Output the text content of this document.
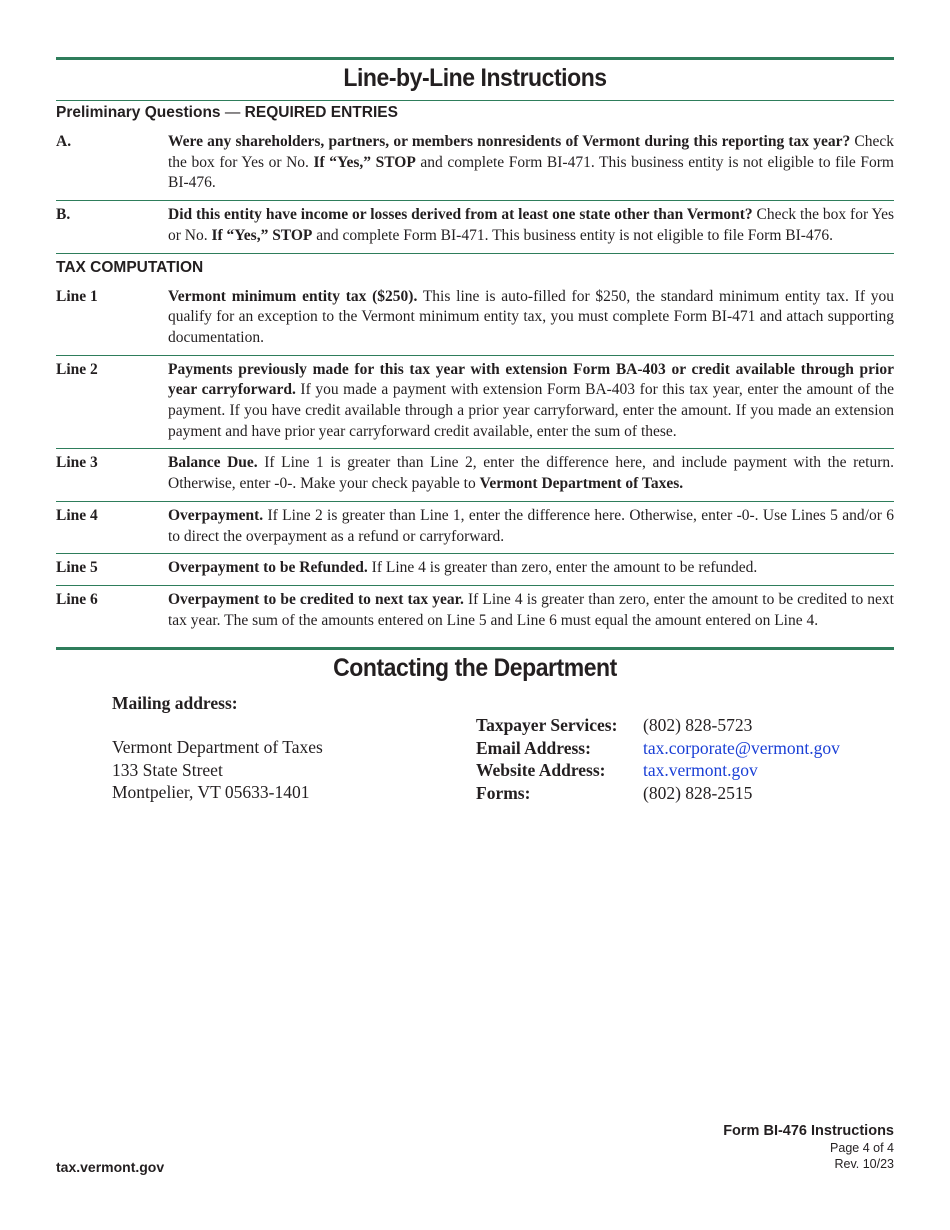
Line-by-Line Instructions
Preliminary Questions — REQUIRED ENTRIES
A.	Were any shareholders, partners, or members nonresidents of Vermont during this reporting tax year? Check the box for Yes or No. If “Yes,” STOP and complete Form BI-471. This business entity is not eligible to file Form BI-476.
B.	Did this entity have income or losses derived from at least one state other than Vermont? Check the box for Yes or No. If “Yes,” STOP and complete Form BI-471. This business entity is not eligible to file Form BI-476.
TAX COMPUTATION
Line 1	Vermont minimum entity tax ($250). This line is auto-filled for $250, the standard minimum entity tax. If you qualify for an exception to the Vermont minimum entity tax, you must complete Form BI-471 and attach supporting documentation.
Line 2	Payments previously made for this tax year with extension Form BA-403 or credit available through prior year carryforward. If you made a payment with extension Form BA-403 for this tax year, enter the amount of the payment. If you have credit available through a prior year carryforward, enter the amount. If you made an extension payment and have prior year carryforward credit available, enter the sum of these.
Line 3	Balance Due. If Line 1 is greater than Line 2, enter the difference here, and include payment with the return. Otherwise, enter -0-. Make your check payable to Vermont Department of Taxes.
Line 4	Overpayment. If Line 2 is greater than Line 1, enter the difference here. Otherwise, enter -0-. Use Lines 5 and/or 6 to direct the overpayment as a refund or carryforward.
Line 5	Overpayment to be Refunded. If Line 4 is greater than zero, enter the amount to be refunded.
Line 6	Overpayment to be credited to next tax year. If Line 4 is greater than zero, enter the amount to be credited to next tax year. The sum of the amounts entered on Line 5 and Line 6 must equal the amount entered on Line 4.
Contacting the Department
Mailing address:
Vermont Department of Taxes
133 State Street
Montpelier, VT 05633-1401
Taxpayer Services:	(802) 828-5723
Email Address:	tax.corporate@vermont.gov
Website Address:	tax.vermont.gov
Forms:	(802) 828-2515
tax.vermont.gov
Form BI-476 Instructions
Page 4 of 4
Rev. 10/23
